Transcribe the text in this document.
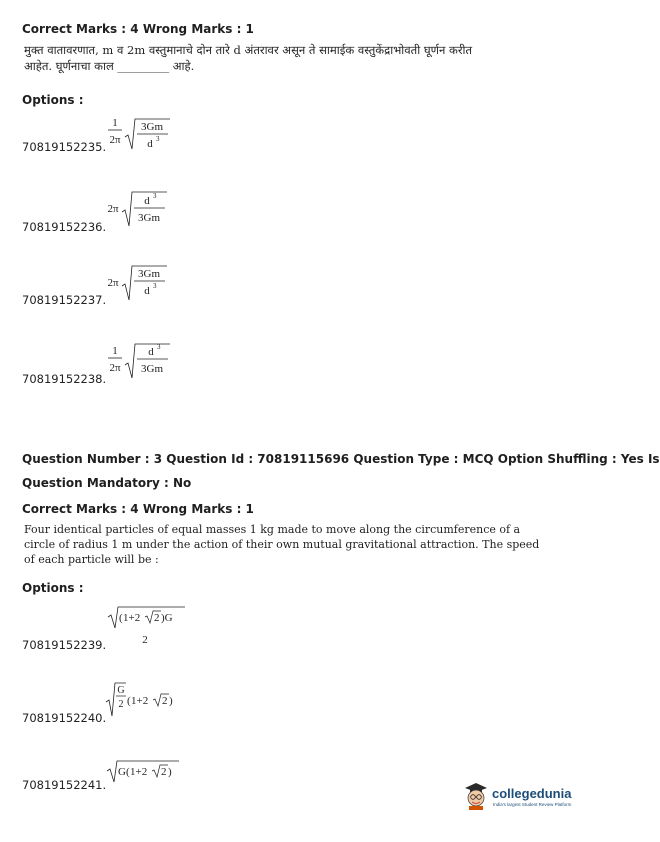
Correct Marks : 4 Wrong Marks : 1
मुक्त वातावरणात, m व 2m वस्तुमानाचे दोन तारे d अंतरावर असून ते सामाईक वस्तुकेंद्राभोवती घूर्णन करीत
आहेत. घूर्णनाचा काल _________ आहे.
Options :
70819152235.
1
2π
3Gm
d 3
70819152236.
2π
d 3
3Gm
70819152237.
2π
3Gm
d 3
70819152238.
1
2π
d 3
3Gm
Question Number : 3 Question Id : 70819115696 Question Type : MCQ Option Shuffling : Yes Is
Question Mandatory : No
Correct Marks : 4 Wrong Marks : 1
Four identical particles of equal masses 1 kg made to move along the circumference of a
circle of radius 1 m under the action of their own mutual gravitational attraction. The speed
of each particle will be :
Options :
70819152239.
( 1+2 2 )G
2
70819152240.
G
2 ( 1+2 2 )
70819152241.
G ( 1+2 2 )
collegedunia
India's largest Student Review Platform
